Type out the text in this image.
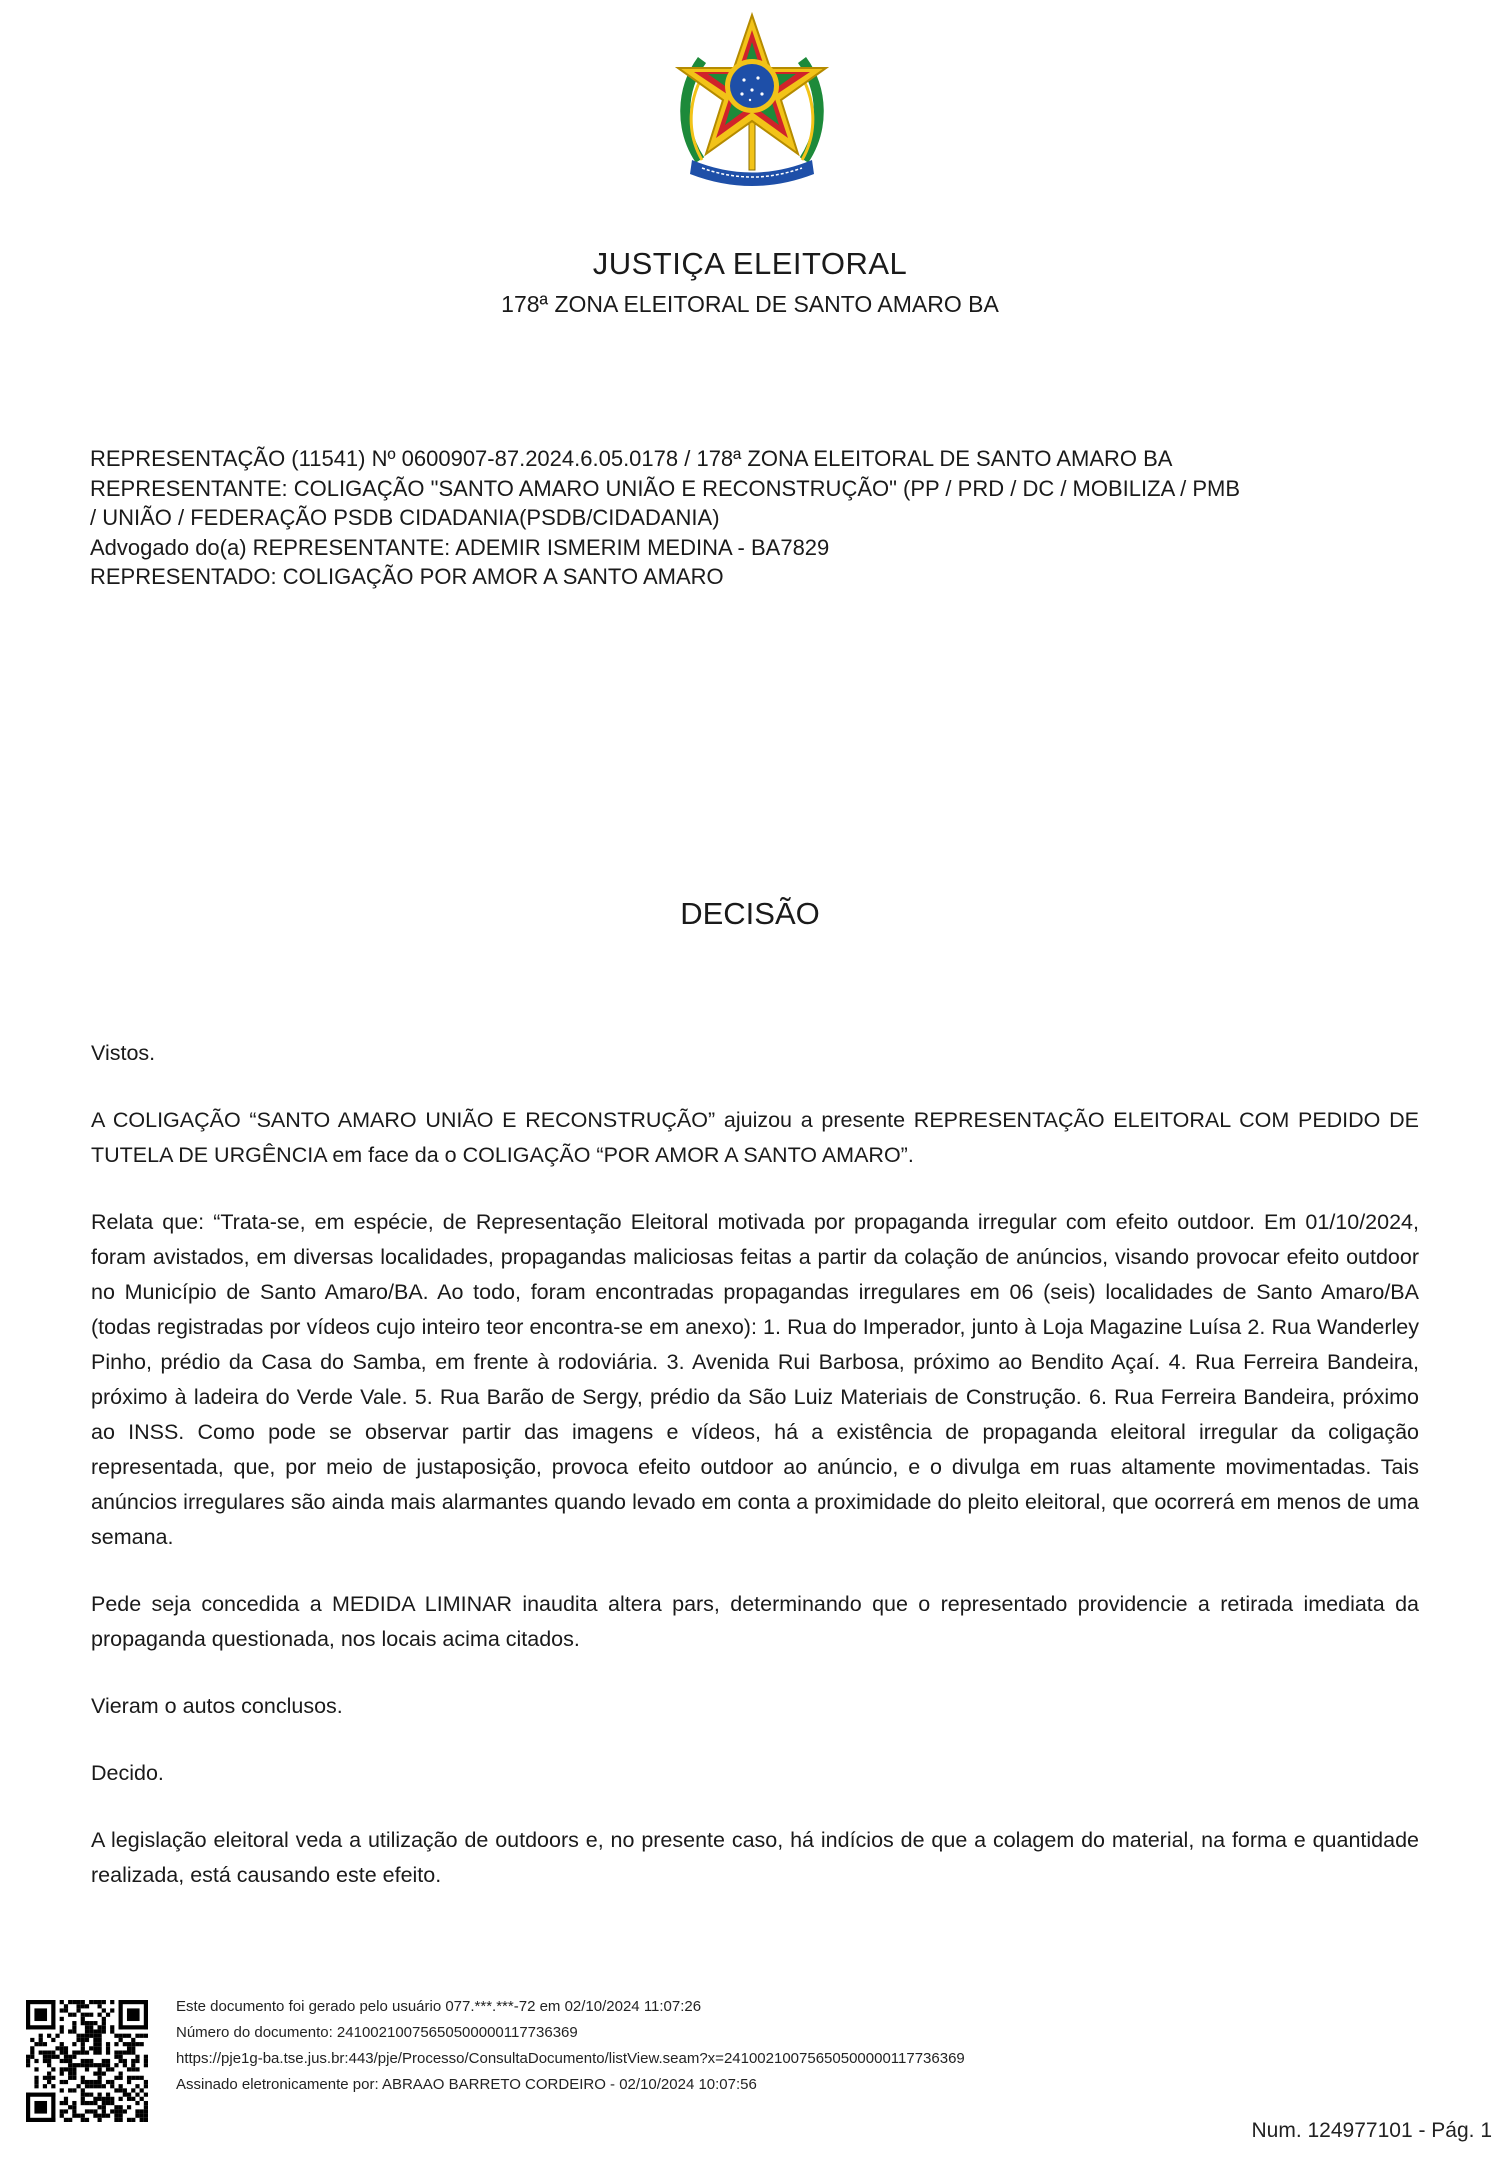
JUSTIÇA ELEITORAL
178ª ZONA ELEITORAL DE SANTO AMARO BA
REPRESENTAÇÃO (11541) Nº 0600907-87.2024.6.05.0178 / 178ª ZONA ELEITORAL DE SANTO AMARO BA
REPRESENTANTE: COLIGAÇÃO "SANTO AMARO UNIÃO E RECONSTRUÇÃO" (PP / PRD / DC / MOBILIZA / PMB
/ UNIÃO / FEDERAÇÃO PSDB CIDADANIA(PSDB/CIDADANIA)
Advogado do(a) REPRESENTANTE: ADEMIR ISMERIM MEDINA - BA7829
REPRESENTADO: COLIGAÇÃO POR AMOR A SANTO AMARO
DECISÃO

Vistos.

A COLIGAÇÃO “SANTO AMARO UNIÃO E RECONSTRUÇÃO” ajuizou a presente REPRESENTAÇÃO ELEITORAL COM PEDIDO DE TUTELA DE URGÊNCIA em face da o COLIGAÇÃO “POR AMOR A SANTO AMARO”.

Relata que: “Trata-se, em espécie, de Representação Eleitoral motivada por propaganda irregular com efeito outdoor. Em 01/10/2024, foram avistados, em diversas localidades, propagandas maliciosas feitas a partir da colação de anúncios, visando provocar efeito outdoor no Município de Santo Amaro/BA. Ao todo, foram encontradas propagandas irregulares em 06 (seis) localidades de Santo Amaro/BA (todas registradas por vídeos cujo inteiro teor encontra-se em anexo): 1. Rua do Imperador, junto à Loja Magazine Luísa 2. Rua Wanderley Pinho, prédio da Casa do Samba, em frente à rodoviária. 3. Avenida Rui Barbosa, próximo ao Bendito Açaí. 4. Rua Ferreira Bandeira, próximo à ladeira do Verde Vale. 5. Rua Barão de Sergy, prédio da São Luiz Materiais de Construção. 6. Rua Ferreira Bandeira, próximo ao INSS. Como pode se observar partir das imagens e vídeos, há a existência de propaganda eleitoral irregular da coligação representada, que, por meio de justaposição, provoca efeito outdoor ao anúncio, e o divulga em ruas altamente movimentadas. Tais anúncios irregulares são ainda mais alarmantes quando levado em conta a proximidade do pleito eleitoral, que ocorrerá em menos de uma semana.

Pede seja concedida a MEDIDA LIMINAR inaudita altera pars, determinando que o representado providencie a retirada imediata da propaganda questionada, nos locais acima citados.

Vieram o autos conclusos.

Decido.

A legislação eleitoral veda a utilização de outdoors e, no presente caso, há indícios de que a colagem do material, na forma e quantidade realizada, está causando este efeito.

Este documento foi gerado pelo usuário 077.***.***-72 em 02/10/2024 11:07:26
Número do documento: 24100210075650500000117736369
https://pje1g-ba.tse.jus.br:443/pje/Processo/ConsultaDocumento/listView.seam?x=24100210075650500000117736369
Assinado eletronicamente por: ABRAAO BARRETO CORDEIRO - 02/10/2024 10:07:56
Num. 124977101 - Pág. 1
